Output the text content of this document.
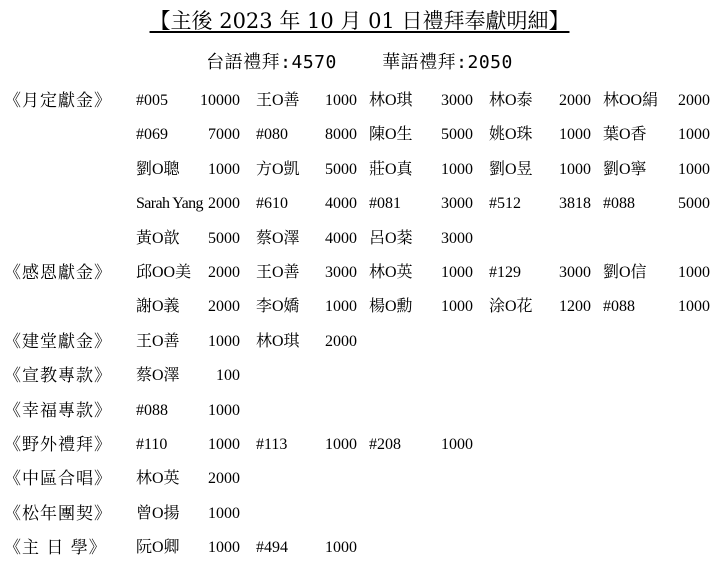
【主後 2023 年 10 月 01 日禮拜奉獻明細】
台語禮拜:4570    華語禮拜:2050
《月定獻金》 #005 10000 王O善 1000 林O琪 3000 林O泰 2000 林OO絹 2000
#069	7000 #080 8000 陳O生 5000 姚O珠 1000 葉O香 1000
劉O聰 1000 方O凱 5000 莊O真 1000 劉O昱 1000 劉O寧 1000
Sarah Yang 2000 #610 4000 #081	3000 #512 3818 #088	5000
黃O歆 5000 蔡O澤 4000 呂O棻 3000
《感恩獻金》 邱OO美 2000 王O善 3000 林O英 1000 #129 3000 劉O信 1000
謝O義 2000 李O嬌 1000 楊O勳 1000 涂O花 1200 #088	1000
《建堂獻金》 王O善 1000 林O琪 2000
《宣教專款》 蔡O澤 100
《幸福專款》 #088	1000
《野外禮拜》 #110	1000 #113 1000 #208	1000
《中區合唱》 林O英 2000
《松年團契》 曾O揚 1000
《主 日 學》 阮O卿 1000 #494 1000
